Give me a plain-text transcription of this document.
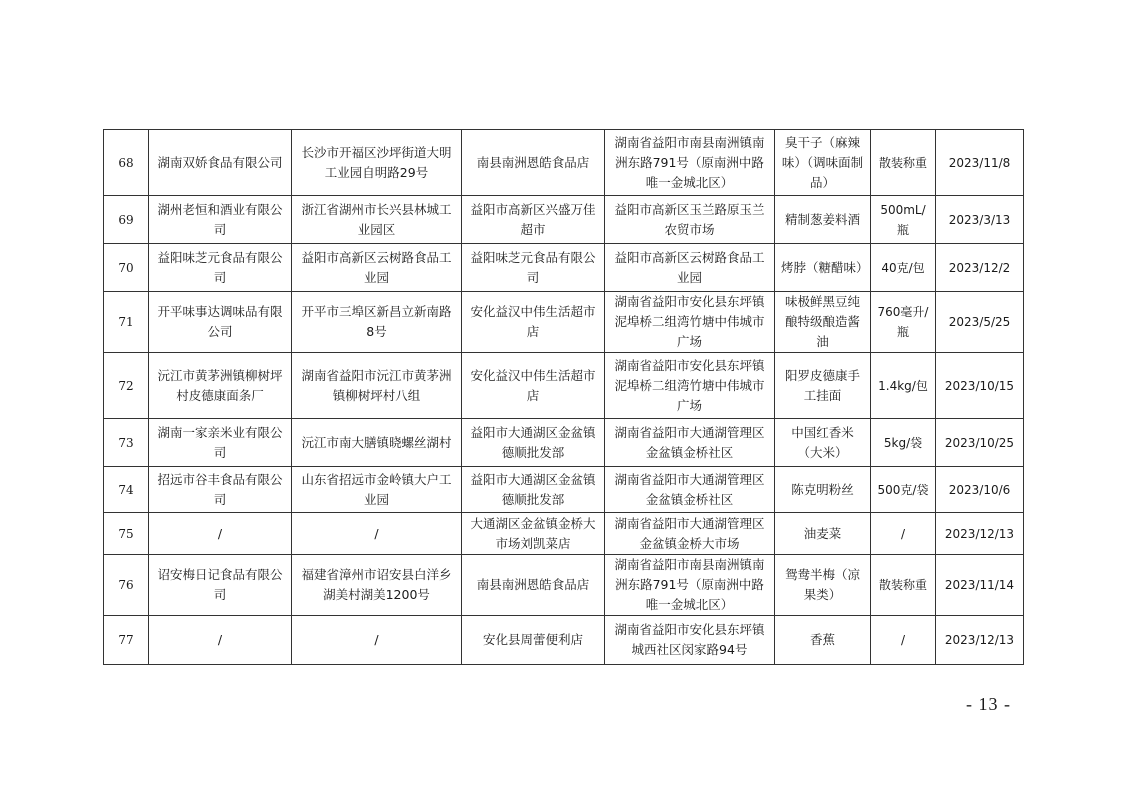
68	湖南双娇食品有限公司	长沙市开福区沙坪街道大明工业园自明路29号	南县南洲恩皓食品店	湖南省益阳市南县南洲镇南洲东路791号（原南洲中路唯一金城北区）	臭干子（麻辣味）（调味面制品）	散装称重	2023/11/8
69	湖州老恒和酒业有限公司	浙江省湖州市长兴县林城工业园区	益阳市高新区兴盛万佳超市	益阳市高新区玉兰路原玉兰农贸市场	精制葱姜料酒	500mL/瓶	2023/3/13
70	益阳味芝元食品有限公司	益阳市高新区云树路食品工业园	益阳味芝元食品有限公司	益阳市高新区云树路食品工业园	烤脖（糖醋味）	40克/包	2023/12/2
71	开平味事达调味品有限公司	开平市三埠区新昌立新南路8号	安化益汉中伟生活超市店	湖南省益阳市安化县东坪镇泥埠桥二组湾竹塘中伟城市广场	味极鲜黑豆纯酿特级酿造酱油	760毫升/瓶	2023/5/25
72	沅江市黄茅洲镇柳树坪村皮德康面条厂	湖南省益阳市沅江市黄茅洲镇柳树坪村八组	安化益汉中伟生活超市店	湖南省益阳市安化县东坪镇泥埠桥二组湾竹塘中伟城市广场	阳罗皮德康手工挂面	1.4kg/包	2023/10/15
73	湖南一家亲米业有限公司	沅江市南大膳镇晓螺丝湖村	益阳市大通湖区金盆镇德顺批发部	湖南省益阳市大通湖管理区金盆镇金桥社区	中国红香米（大米）	5kg/袋	2023/10/25
74	招远市谷丰食品有限公司	山东省招远市金岭镇大户工业园	益阳市大通湖区金盆镇德顺批发部	湖南省益阳市大通湖管理区金盆镇金桥社区	陈克明粉丝	500克/袋	2023/10/6
75	/	/	大通湖区金盆镇金桥大市场刘凯菜店	湖南省益阳市大通湖管理区金盆镇金桥大市场	油麦菜	/	2023/12/13
76	诏安梅日记食品有限公司	福建省漳州市诏安县白洋乡湖美村湖美1200号	南县南洲恩皓食品店	湖南省益阳市南县南洲镇南洲东路791号（原南洲中路唯一金城北区）	鸳鸯半梅（凉果类）	散装称重	2023/11/14
77	/	/	安化县周蕾便利店	湖南省益阳市安化县东坪镇城西社区闵家路94号	香蕉	/	2023/12/13
- 13 -
